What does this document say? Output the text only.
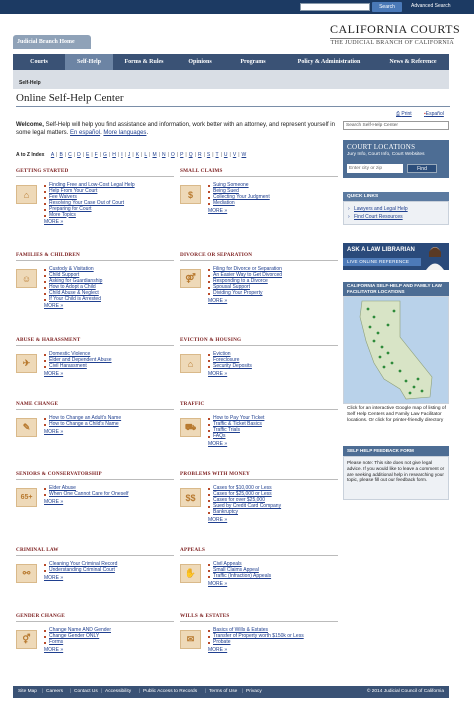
Search	Advanced Search
CALIFORNIA COURTS
THE JUDICIAL BRANCH OF CALIFORNIA
Judicial Branch Home
Courts	Self-Help	Forms & Rules	Opinions	Programs	Policy & Administration	News & Reference
Self-Help
Online Self-Help Center
⎙ Print ▪Español
Welcome, Self-Help will help you find assistance and information, work better with an attorney, and represent yourself in some legal matters. En español. More languages.
A to Z Index A | B | C | D | E | F | G | H | I | J | K | L | M | N | O | P | Q | R | S | T | U | V | W
GETTING STARTED
⌂
Finding Free and Low-Cost Legal Help
Help From Your Court
Fee Waivers
Resolving Your Case Out of Court
Preparing for Court
More Topics
MORE »
SMALL CLAIMS
$
Suing Someone
Being Sued
Collecting Your Judgment
Mediation
MORE »
FAMILIES & CHILDREN
☺
Custody & Visitation
Child Support
Asking for Guardianship
How to Adopt a Child
Child Abuse & Neglect
If Your Child is Arrested
MORE »
DIVORCE OR SEPARATION
⚤
Filing for Divorce or Separation
An Easier Way to Get Divorced
Responding to a Divorce
Spousal Support
Dividing Your Property
MORE »
ABUSE & HARASSMENT
✈
Domestic Violence
Elder and Dependent Abuse
Civil Harassment
MORE »
EVICTION & HOUSING
⌂
Eviction
Foreclosure
Security Deposits
MORE »
NAME CHANGE
✎
How to Change an Adult's Name
How to Change a Child's Name
MORE »
TRAFFIC
⛟
How to Pay Your Ticket
Traffic & Ticket Basics
Traffic Trials
FAQs
MORE »
SENIORS & CONSERVATORSHIP
65+
Elder Abuse
When One Cannot Care for Oneself
MORE »
PROBLEMS WITH MONEY
$$
Cases for $10,000 or Less
Cases for $25,000 or Less
Cases for over $25,000
Sued by Credit Card Company
Bankruptcy
MORE »
CRIMINAL LAW
⚯
Cleaning Your Criminal Record
Understanding Criminal Court
MORE »
APPEALS
✋
Civil Appeals
Small Claims Appeal
Traffic (Infraction) Appeals
MORE »
GENDER CHANGE
⚥
Change Name AND Gender
Change Gender ONLY
Forms
MORE »
WILLS & ESTATES
✉
Basics of Wills & Estates
Transfer of Property worth $150k or Less
Probate
MORE »
Search Self-Help Center
COURT LOCATIONS
Jury Info, Court Info, Court Websites
Enter city or zip	Find
QUICK LINKS
› Lawyers and Legal Help
› Find Court Resources
ASK A LAW LIBRARIAN
LIVE ONLINE REFERENCE
CALIFORNIA SELF-HELP AND FAMILY LAW FACILITATOR LOCATIONS
Click for an interactive Google map of listing of Self Help Centers and Family Law Facilitator locations. Or click for printer-friendly directory
SELF HELP FEEDBACK FORM
Please note: This site does not give legal advice. If you would like to leave a comment or are seeking additional help in researching your topic, please fill out our feedback form.
© 2014 Judicial Council of California
Site Map | Careers | Contact Us | Accessibility | Public Access to Records | Terms of Use | Privacy
